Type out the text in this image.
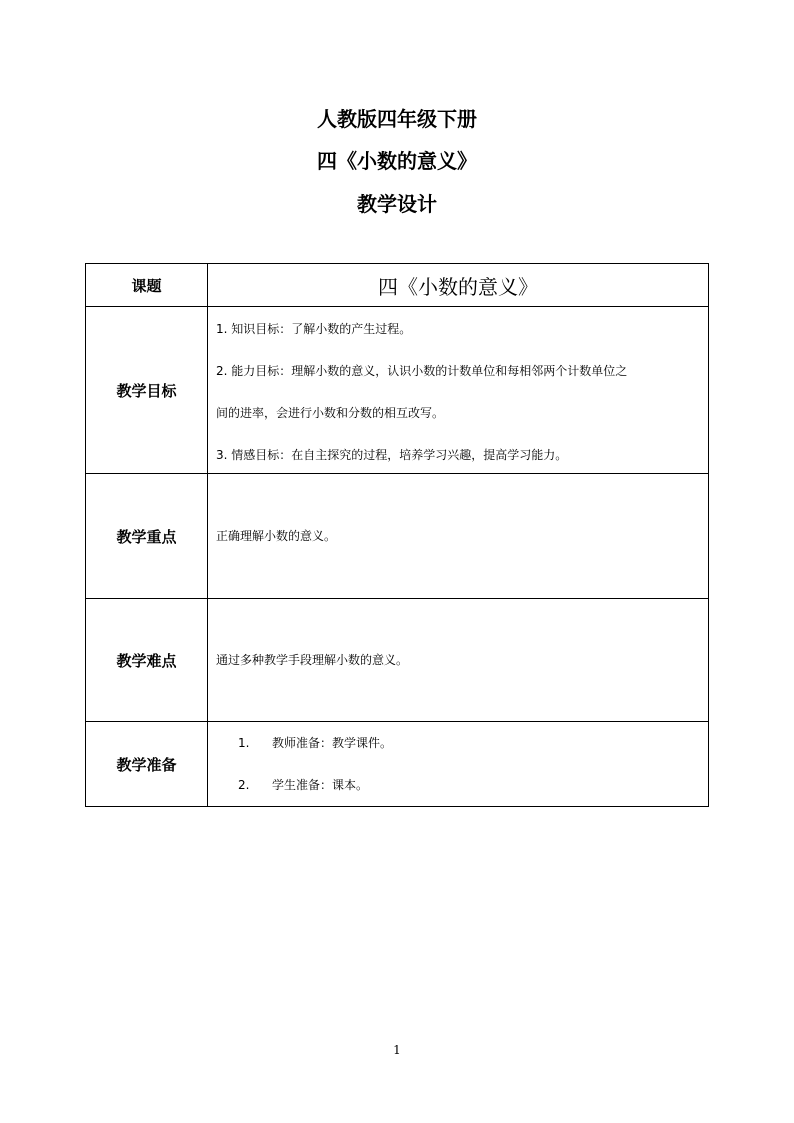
人教版四年级下册
四《小数的意义》
教学设计
课题	四《小数的意义》
教学目标	1. 知识目标：了解小数的产生过程。
2. 能力目标：理解小数的意义，认识小数的计数单位和每相邻两个计数单位之
间的进率，会进行小数和分数的相互改写。
3. 情感目标：在自主探究的过程，培养学习兴趣，提高学习能力。

教学重点	正确理解小数的意义。
教学难点	通过多种教学手段理解小数的意义。
教学准备	1. 教师准备：教学课件。
2. 学生准备：课本。
1
